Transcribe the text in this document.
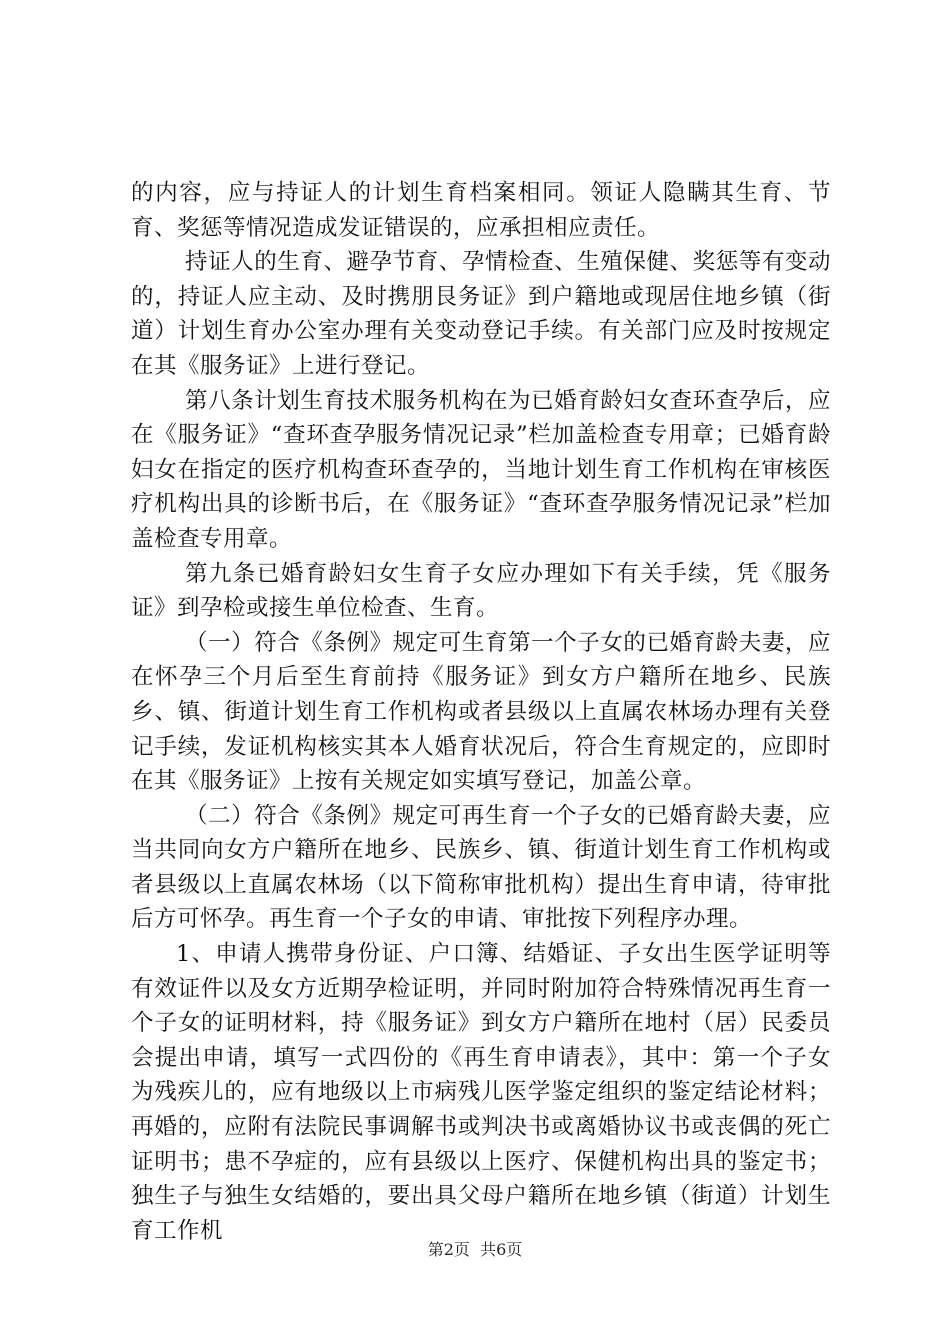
的内容，应与持证人的计划生育档案相同。领证人隐瞒其生育、节育、奖惩等情况造成发证错误的，应承担相应责任。

持证人的生育、避孕节育、孕情检查、生殖保健、奖惩等有变动的，持证人应主动、及时携朋艮务证》到户籍地或现居住地乡镇（街道）计划生育办公室办理有关变动登记手续。有关部门应及时按规定在其《服务证》上进行登记。

第八条计划生育技术服务机构在为已婚育龄妇女查环查孕后，应在《服务证》“查环查孕服务情况记录”栏加盖检查专用章；已婚育龄妇女在指定的医疗机构查环查孕的，当地计划生育工作机构在审核医疗机构出具的诊断书后，在《服务证》“查环查孕服务情况记录”栏加盖检查专用章。

第九条已婚育龄妇女生育子女应办理如下有关手续，凭《服务证》到孕检或接生单位检查、生育。

（一）符合《条例》规定可生育第一个子女的已婚育龄夫妻，应在怀孕三个月后至生育前持《服务证》到女方户籍所在地乡、民族乡、镇、街道计划生育工作机构或者县级以上直属农林场办理有关登记手续，发证机构核实其本人婚育状况后，符合生育规定的，应即时在其《服务证》上按有关规定如实填写登记，加盖公章。

（二）符合《条例》规定可再生育一个子女的已婚育龄夫妻，应当共同向女方户籍所在地乡、民族乡、镇、街道计划生育工作机构或者县级以上直属农林场（以下简称审批机构）提出生育申请，待审批后方可怀孕。再生育一个子女的申请、审批按下列程序办理。

1、申请人携带身份证、户口簿、结婚证、子女出生医学证明等有效证件以及女方近期孕检证明，并同时附加符合特殊情况再生育一个子女的证明材料，持《服务证》到女方户籍所在地村（居）民委员会提出申请，填写一式四份的《再生育申请表》，其中：第一个子女为残疾儿的，应有地级以上市病残儿医学鉴定组织的鉴定结论材料；再婚的，应附有法院民事调解书或判决书或离婚协议书或丧偶的死亡证明书；患不孕症的，应有县级以上医疗、保健机构出具的鉴定书；独生子与独生女结婚的，要出具父母户籍所在地乡镇（街道）计划生育工作机

第2页  共6页
